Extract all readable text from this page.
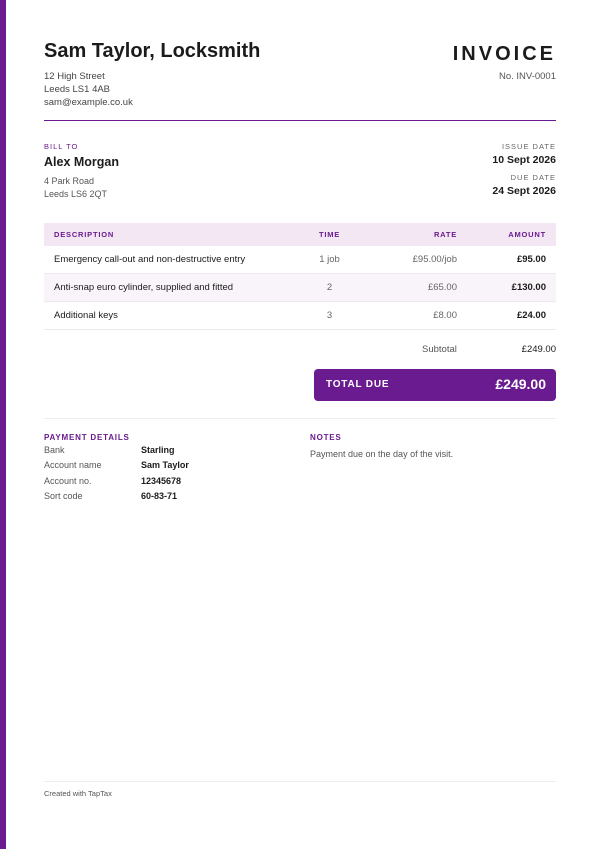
Sam Taylor, Locksmith
12 High Street
Leeds LS1 4AB
sam@example.co.uk
INVOICE
No. INV-0001
BILL TO
Alex Morgan
4 Park Road
Leeds LS6 2QT
ISSUE DATE
10 Sept 2026
DUE DATE
24 Sept 2026
DESCRIPTION	TIME	RATE	AMOUNT
Emergency call-out and non-destructive entry	1 job	£95.00/job	£95.00
Anti-snap euro cylinder, supplied and fitted	2	£65.00	£130.00
Additional keys	3	£8.00	£24.00
Subtotal	£249.00
TOTAL DUE	£249.00
PAYMENT DETAILS
Bank	Starling
Account name	Sam Taylor
Account no.	12345678
Sort code	60-83-71
NOTES
Payment due on the day of the visit.
Created with TapTax
